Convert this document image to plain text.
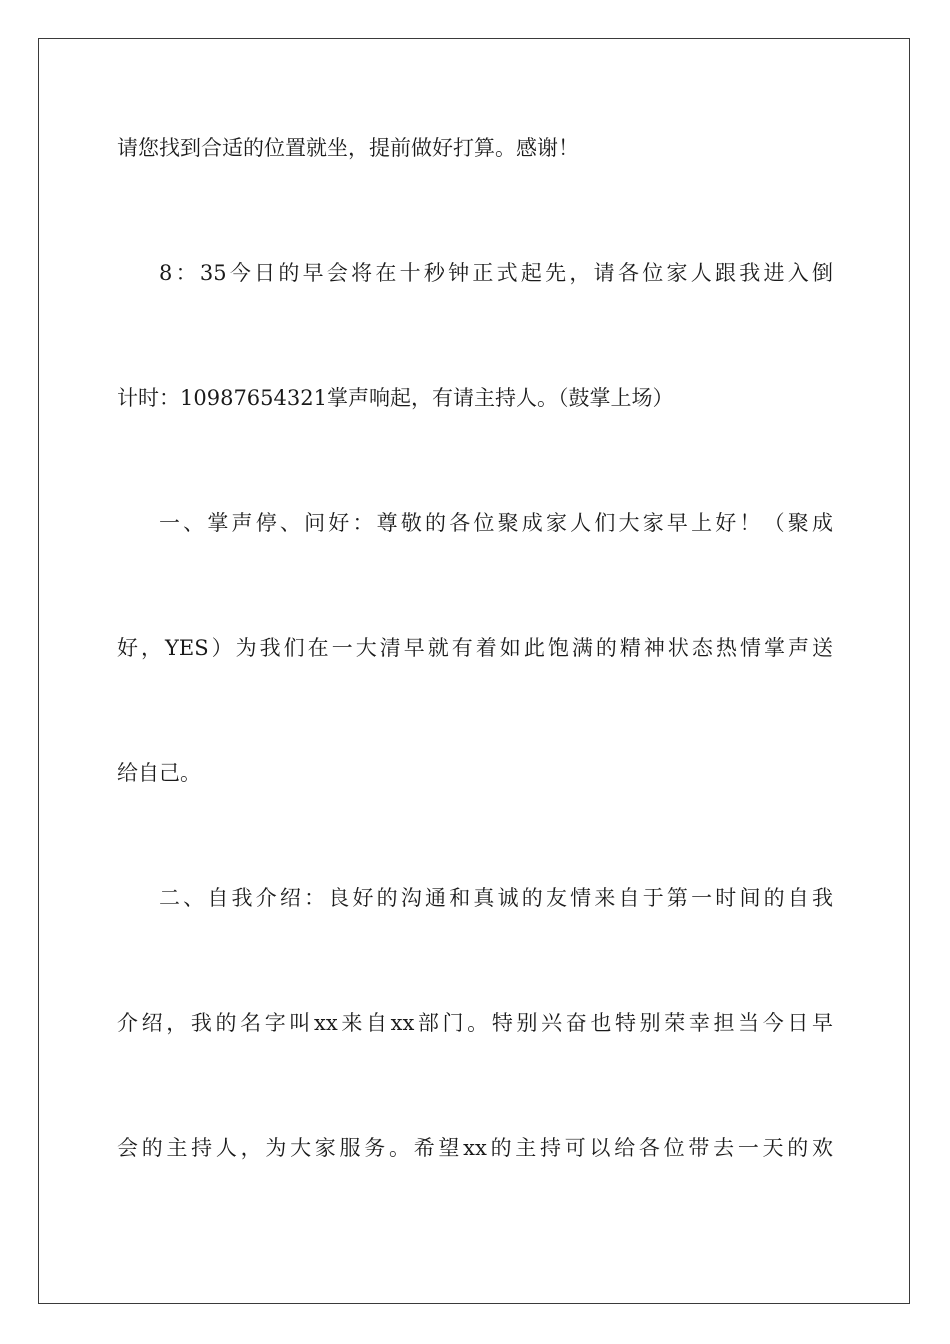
请您找到合适的位置就坐，提前做好打算。感谢！

8：35今日的早会将在十秒钟正式起先，请各位家人跟我进入倒

计时：10987654321掌声响起，有请主持人。（鼓掌上场）

一、掌声停、问好：尊敬的各位聚成家人们大家早上好！（聚成

好，YES）为我们在一大清早就有着如此饱满的精神状态热情掌声送

给自己。

二、自我介绍：良好的沟通和真诚的友情来自于第一时间的自我

介绍，我的名字叫xx来自xx部门。特别兴奋也特别荣幸担当今日早

会的主持人，为大家服务。希望xx的主持可以给各位带去一天的欢
